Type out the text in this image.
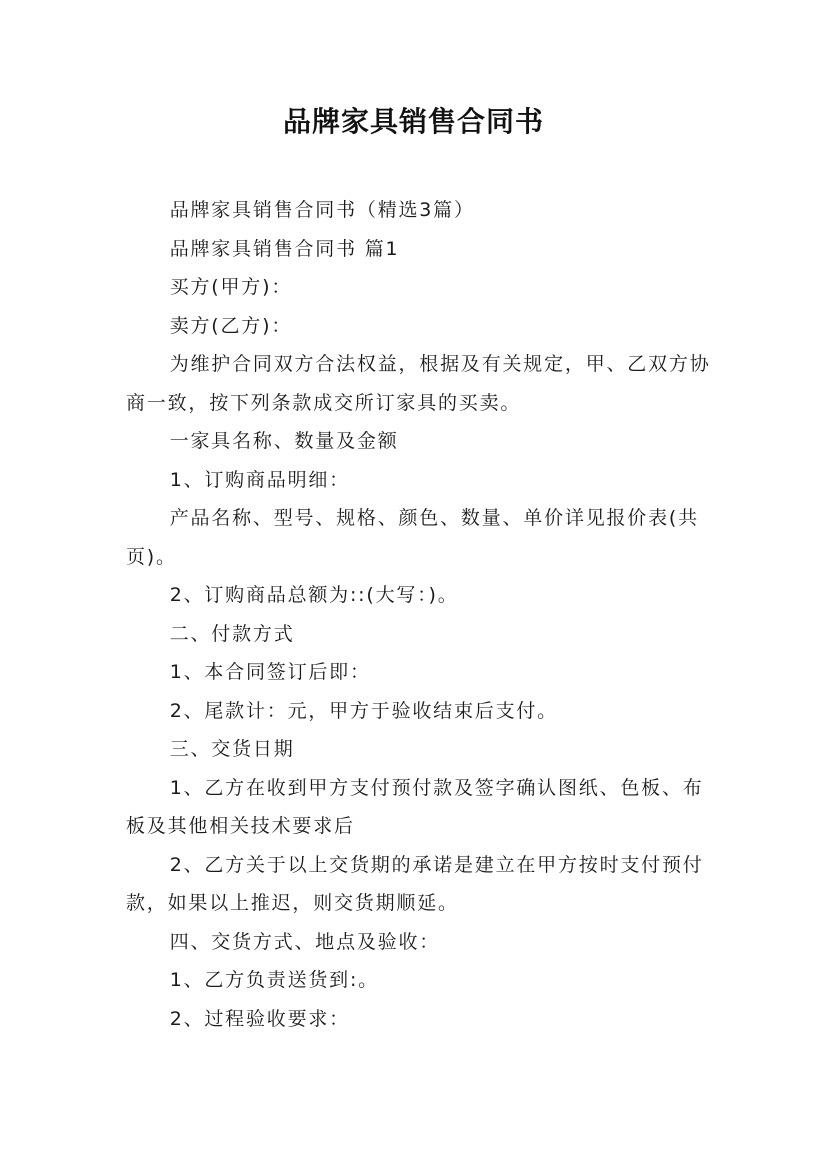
品牌家具销售合同书

品牌家具销售合同书（精选3篇）

品牌家具销售合同书 篇1

买方(甲方)：

卖方(乙方)：

为维护合同双方合法权益，根据及有关规定，甲、乙双方协商一致，按下列条款成交所订家具的买卖。

一家具名称、数量及金额

1、订购商品明细：

产品名称、型号、规格、颜色、数量、单价详见报价表(共页)。

2、订购商品总额为::(大写：)。

二、付款方式

1、本合同签订后即：

2、尾款计：元，甲方于验收结束后支付。

三、交货日期

1、乙方在收到甲方支付预付款及签字确认图纸、色板、布板及其他相关技术要求后

2、乙方关于以上交货期的承诺是建立在甲方按时支付预付款，如果以上推迟，则交货期顺延。

四、交货方式、地点及验收：

1、乙方负责送货到:。

2、过程验收要求：
